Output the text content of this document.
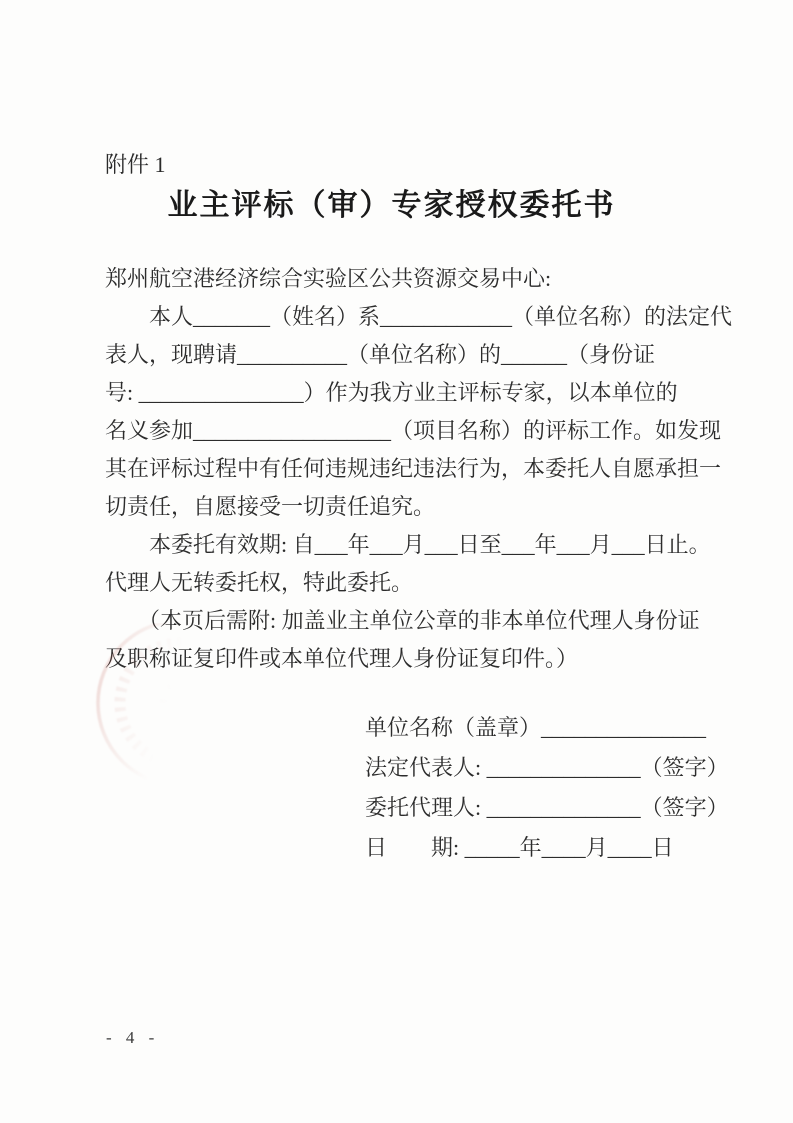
附件 1
业主评标（审）专家授权委托书
郑州航空港经济综合实验区公共资源交易中心:
　　本人_______（姓名）系____________（单位名称）的法定代
表人，现聘请__________（单位名称）的______（身份证
号: _______________）作为我方业主评标专家，以本单位的
名义参加__________________（项目名称）的评标工作。如发现
其在评标过程中有任何违规违纪违法行为，本委托人自愿承担一
切责任，自愿接受一切责任追究。
　　本委托有效期: 自___年___月___日至___年___月___日止。
代理人无转委托权，特此委托。
　　（本页后需附: 加盖业主单位公章的非本单位代理人身份证
及职称证复印件或本单位代理人身份证复印件。）
单位名称（盖章）_______________
法定代表人: ______________（签字）
委托代理人: ______________（签字）
日　　期: _____年____月____日
- 4 -
